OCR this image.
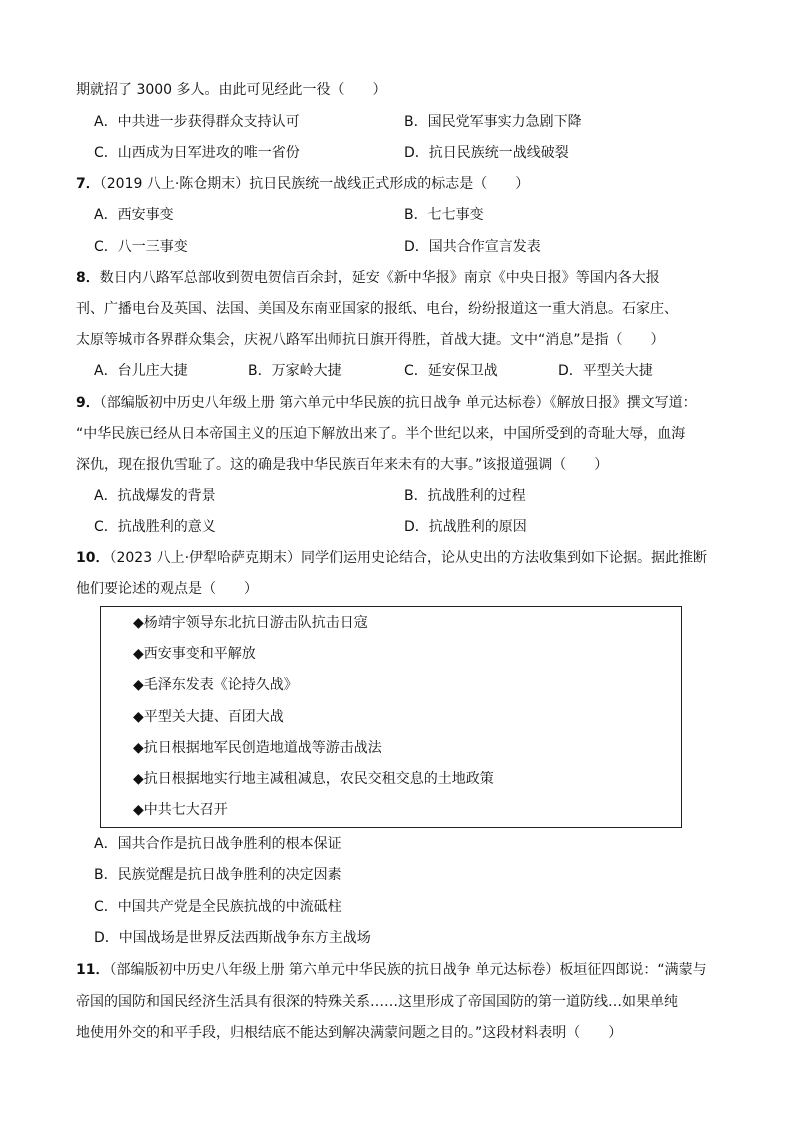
期就招了 3000 多人。由此可见经此一役（　　）
A．中共进一步获得群众支持认可	B．国民党军事实力急剧下降
C．山西成为日军进攻的唯一省份	D．抗日民族统一战线破裂
7．（2019 八上·陈仓期末）抗日民族统一战线正式形成的标志是（　　）
A．西安事变	B．七七事变
C．八一三事变	D．国共合作宣言发表
8．数日内八路军总部收到贺电贺信百余封，延安《新中华报》南京《中央日报》等国内各大报
刊、广播电台及英国、法国、美国及东南亚国家的报纸、电台，纷纷报道这一重大消息。石家庄、
太原等城市各界群众集会，庆祝八路军出师抗日旗开得胜，首战大捷。文中“消息”是指（　　）
A．台儿庄大捷	B．万家岭大捷	C．延安保卫战	D．平型关大捷
9．（部编版初中历史八年级上册 第六单元中华民族的抗日战争 单元达标卷）《解放日报》撰文写道：
“中华民族已经从日本帝国主义的压迫下解放出来了。半个世纪以来，中国所受到的奇耻大辱，血海
深仇，现在报仇雪耻了。这的确是我中华民族百年来未有的大事。”该报道强调（　　）
A．抗战爆发的背景	B．抗战胜利的过程
C．抗战胜利的意义	D．抗战胜利的原因
10．（2023 八上·伊犁哈萨克期末）同学们运用史论结合，论从史出的方法收集到如下论据。据此推断
他们要论述的观点是（　　）
◆杨靖宇领导东北抗日游击队抗击日寇
◆西安事变和平解放
◆毛泽东发表《论持久战》
◆平型关大捷、百团大战
◆抗日根据地军民创造地道战等游击战法
◆抗日根据地实行地主减租减息，农民交租交息的土地政策
◆中共七大召开
A．国共合作是抗日战争胜利的根本保证
B．民族觉醒是抗日战争胜利的决定因素
C．中国共产党是全民族抗战的中流砥柱
D．中国战场是世界反法西斯战争东方主战场
11．（部编版初中历史八年级上册 第六单元中华民族的抗日战争 单元达标卷）板垣征四郎说：“满蒙与
帝国的国防和国民经济生活具有很深的特殊关系……这里形成了帝国国防的第一道防线…如果单纯
地使用外交的和平手段，归根结底不能达到解决满蒙问题之目的。”这段材料表明（　　）
